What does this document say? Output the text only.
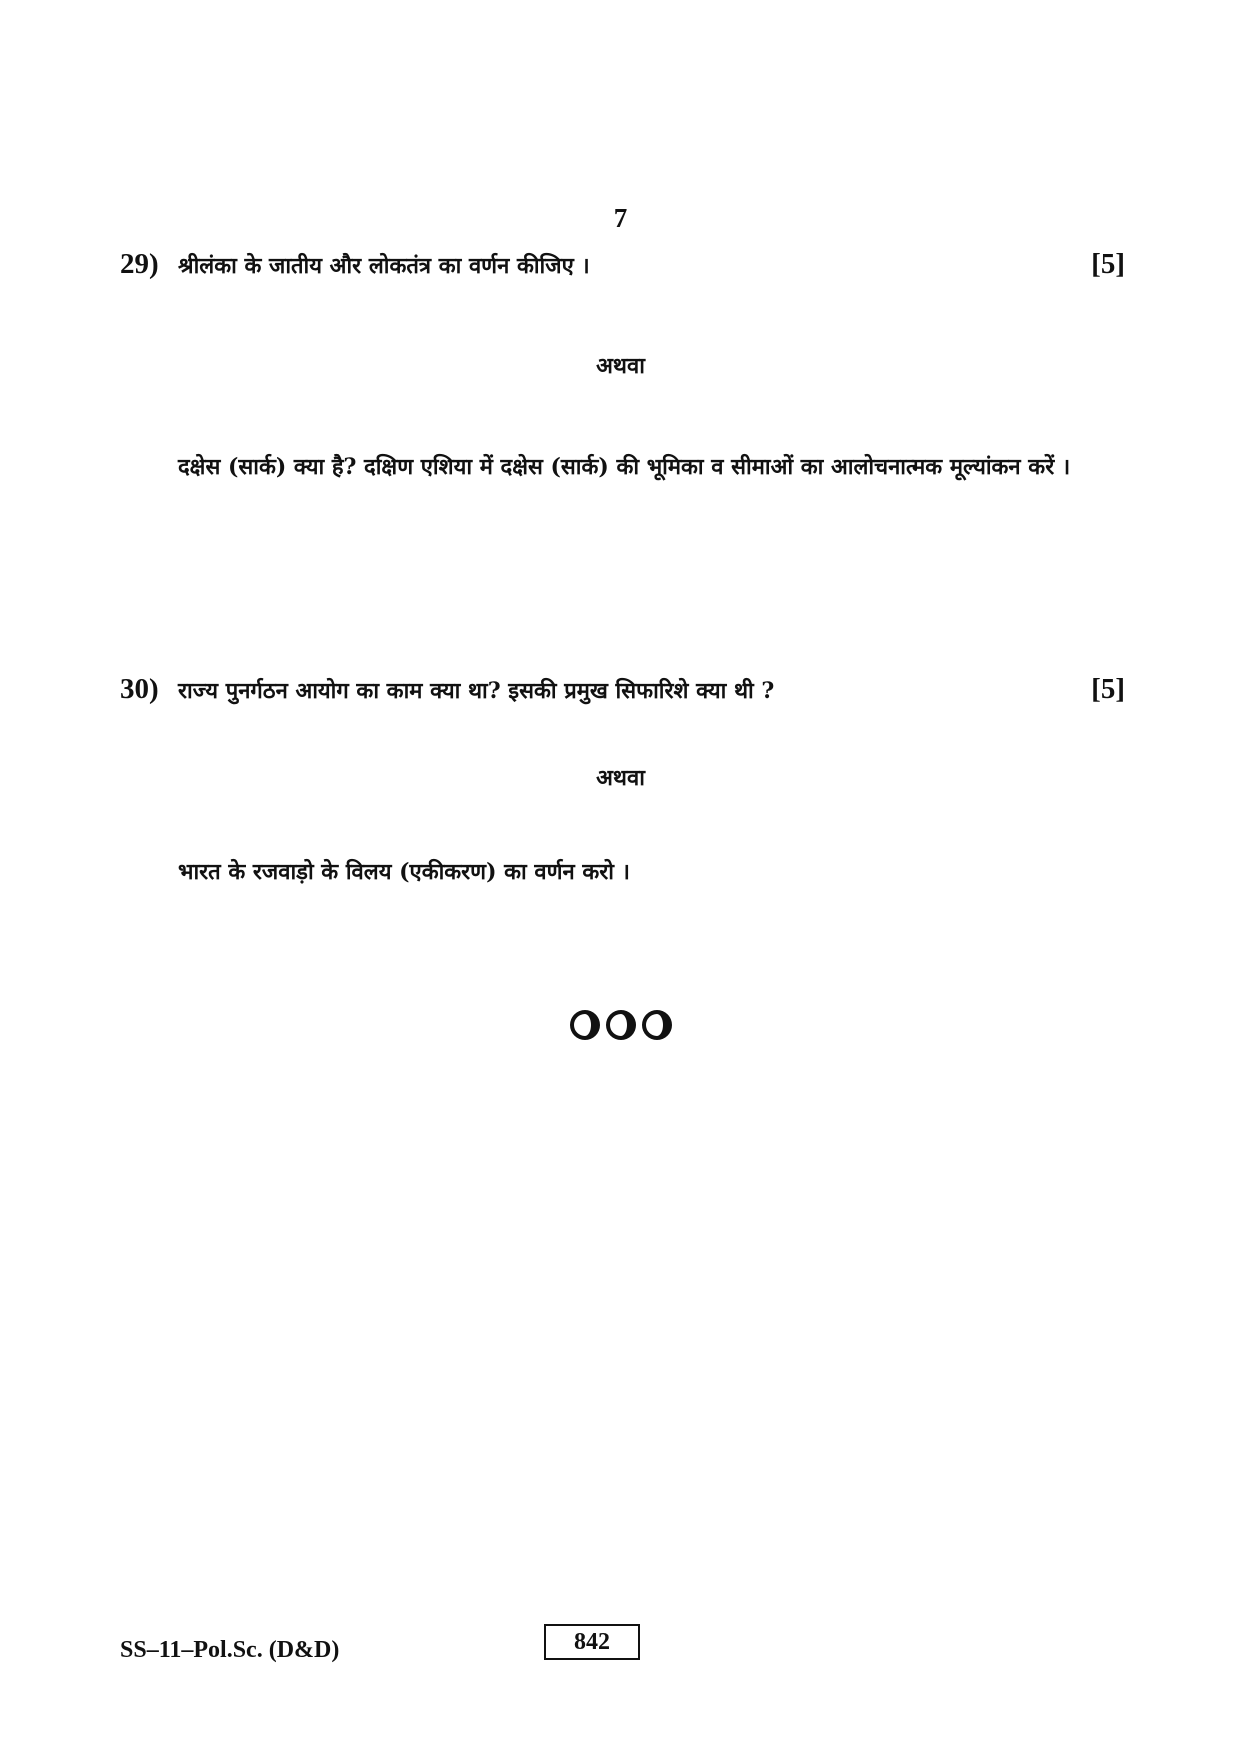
7
29) श्रीलंका के जातीय और लोकतंत्र का वर्णन कीजिए ।	[5]
अथवा
दक्षेस (सार्क) क्या है? दक्षिण एशिया में दक्षेस (सार्क) की भूमिका व सीमाओं का आलोचनात्मक मूल्यांकन करें ।
30) राज्य पुनर्गठन आयोग का काम क्या था? इसकी प्रमुख सिफारिशे क्या थी ?	[5]
अथवा
भारत के रजवाड़ो के विलय (एकीकरण) का वर्णन करो ।
SS–11–Pol.Sc. (D&D)	842
